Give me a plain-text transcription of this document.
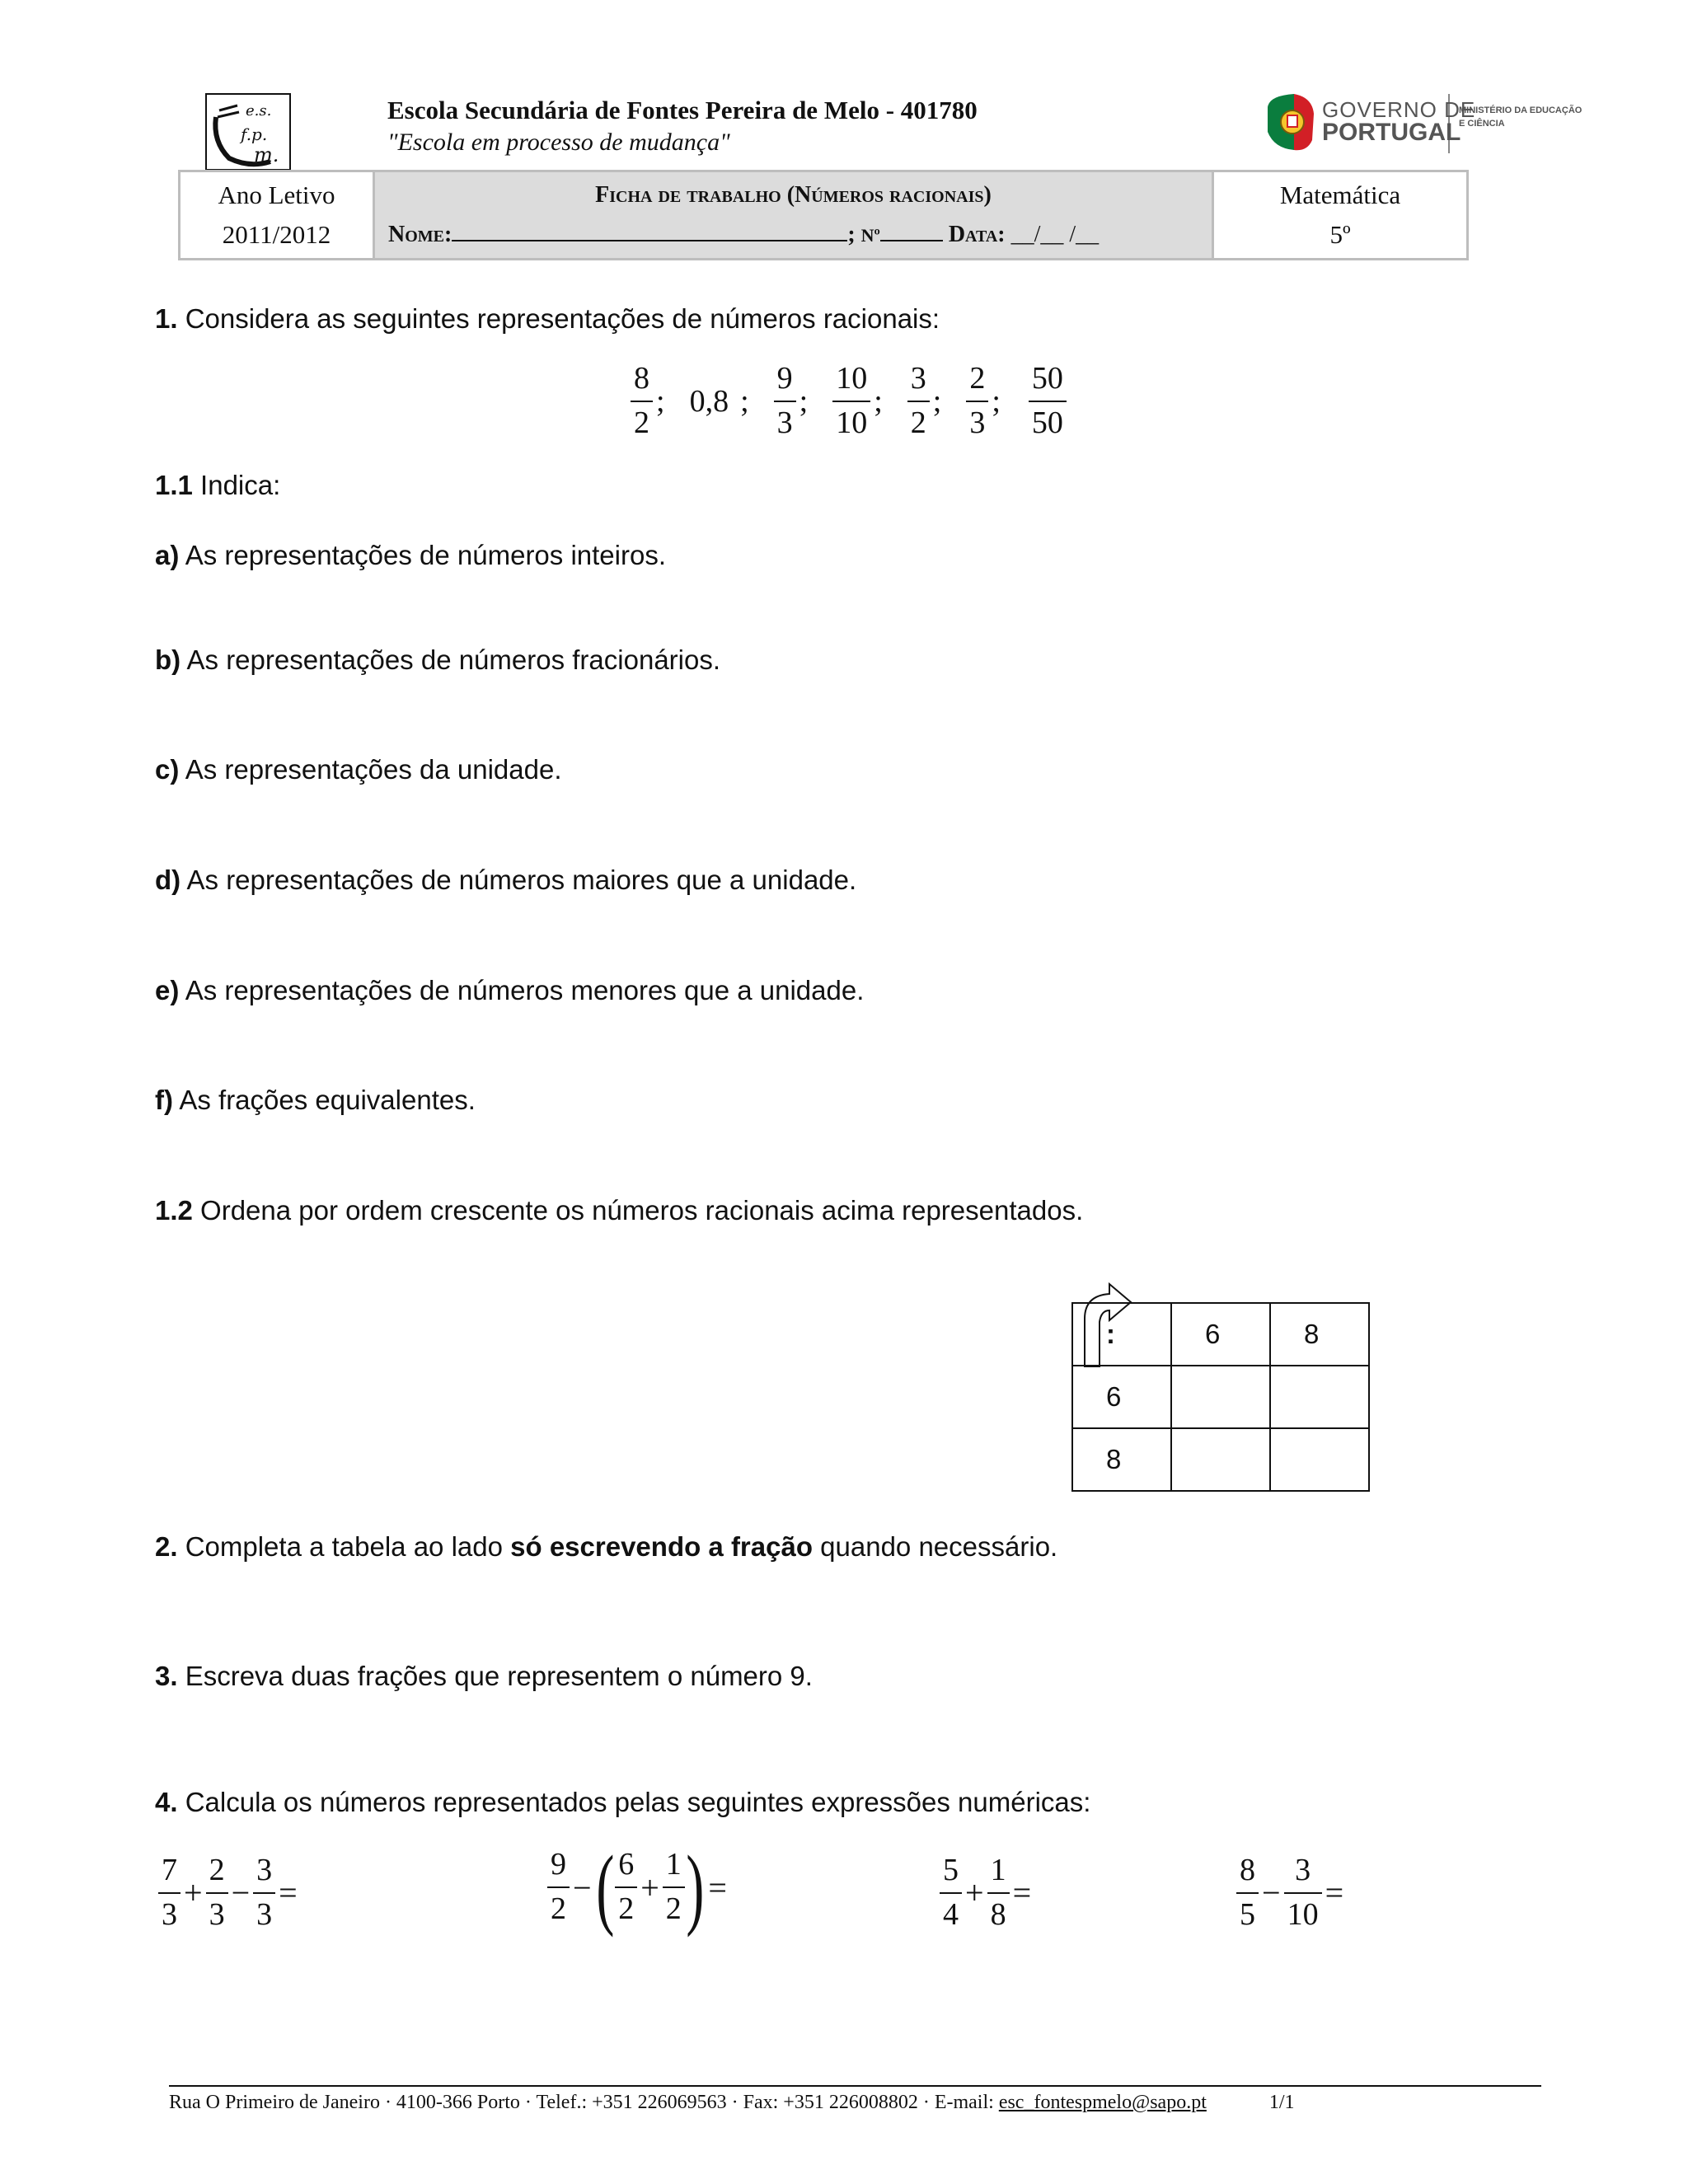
e.s.
f.p.
m.
Escola Secundária de Fontes Pereira de Melo - 401780
"Escola em processo de mudança"
GOVERNO DE
PORTUGAL
MINISTÉRIO DA EDUCAÇÃO
E CIÊNCIA
Ano Letivo
2011/2012
Ficha de trabalho (Números racionais)
Nome:	; Nº	Data: __/__ /__
Matemática
5º
1. Considera as seguintes representações de números racionais:
$\frac{8}{2}$ ; 0,8 ; $\frac{9}{3}$ ; $\frac{10}{10}$ ; $\frac{3}{2}$ ; $\frac{2}{3}$ ; $\frac{50}{50}$
1.1 Indica:
a) As representações de números inteiros.
b) As representações de números fracionários.
c) As representações da unidade.
d) As representações de números maiores que a unidade.
e) As representações de números menores que a unidade.
f) As frações equivalentes.
1.2 Ordena por ordem crescente os números racionais acima representados.
:	6	8
6		
8		
2. Completa a tabela ao lado só escrevendo a fração quando necessário.
3. Escreva duas frações que representem o número 9.
4. Calcula os números representados pelas seguintes expressões numéricas:
$\frac{7}{3} + \frac{2}{3} - \frac{3}{3}$ =	$\frac{9}{2}$ − ( $\frac{6}{2} + \frac{1}{2}$ ) =	$\frac{5}{4} + \frac{1}{8}$ =	$\frac{8}{5} - \frac{3}{10}$ =
Rua O Primeiro de Janeiro · 4100-366 Porto · Telef.: +351 226069563 · Fax: +351 226008802 · E-mail: esc_fontespmelo@sapo.pt	1/1
